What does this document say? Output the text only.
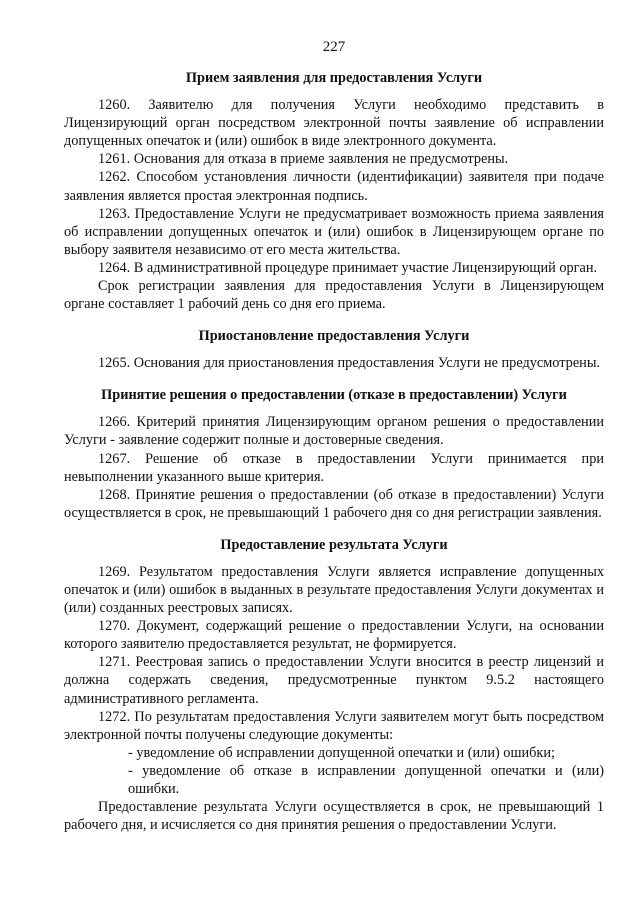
227
Прием заявления для предоставления Услуги

1260. Заявителю для получения Услуги необходимо представить в Лицензирующий орган посредством электронной почты заявление об исправлении допущенных опечаток и (или) ошибок в виде электронного документа.

1261. Основания для отказа в приеме заявления не предусмотрены.

1262. Способом установления личности (идентификации) заявителя при подаче заявления является простая электронная подпись.

1263. Предоставление Услуги не предусматривает возможность приема заявления об исправлении допущенных опечаток и (или) ошибок в Лицензирующем органе по выбору заявителя независимо от его места жительства.

1264. В административной процедуре принимает участие Лицензирующий орган.

Срок регистрации заявления для предоставления Услуги в Лицензирующем органе составляет 1 рабочий день со дня его приема.

Приостановление предоставления Услуги

1265. Основания для приостановления предоставления Услуги не предусмотрены.

Принятие решения о предоставлении (отказе в предоставлении) Услуги

1266. Критерий принятия Лицензирующим органом решения о предоставлении Услуги - заявление содержит полные и достоверные сведения.

1267. Решение об отказе в предоставлении Услуги принимается при невыполнении указанного выше критерия.

1268. Принятие решения о предоставлении (об отказе в предоставлении) Услуги осуществляется в срок, не превышающий 1 рабочего дня со дня регистрации заявления.

Предоставление результата Услуги

1269. Результатом предоставления Услуги является исправление допущенных опечаток и (или) ошибок в выданных в результате предоставления Услуги документах и (или) созданных реестровых записях.

1270. Документ, содержащий решение о предоставлении Услуги, на основании которого заявителю предоставляется результат, не формируется.

1271. Реестровая запись о предоставлении Услуги вносится в реестр лицензий и должна содержать сведения, предусмотренные пунктом 9.5.2 настоящего административного регламента.

1272. По результатам предоставления Услуги заявителем могут быть посредством электронной почты получены следующие документы:

- уведомление об исправлении допущенной опечатки и (или) ошибки;

- уведомление об отказе в исправлении допущенной опечатки и (или) ошибки.

Предоставление результата Услуги осуществляется в срок, не превышающий 1 рабочего дня, и исчисляется со дня принятия решения о предоставлении Услуги.
